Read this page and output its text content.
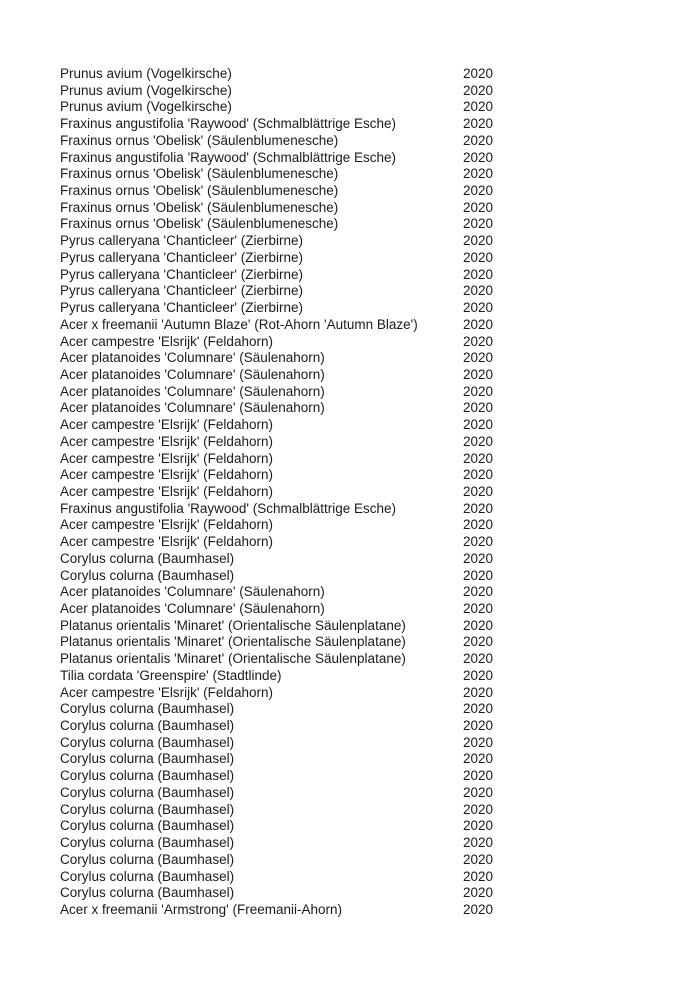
Prunus avium (Vogelkirsche)	2020
Prunus avium (Vogelkirsche)	2020
Prunus avium (Vogelkirsche)	2020
Fraxinus angustifolia 'Raywood' (Schmalblättrige Esche)	2020
Fraxinus ornus 'Obelisk' (Säulenblumenesche)	2020
Fraxinus angustifolia 'Raywood' (Schmalblättrige Esche)	2020
Fraxinus ornus 'Obelisk' (Säulenblumenesche)	2020
Fraxinus ornus 'Obelisk' (Säulenblumenesche)	2020
Fraxinus ornus 'Obelisk' (Säulenblumenesche)	2020
Fraxinus ornus 'Obelisk' (Säulenblumenesche)	2020
Pyrus calleryana 'Chanticleer' (Zierbirne)	2020
Pyrus calleryana 'Chanticleer' (Zierbirne)	2020
Pyrus calleryana 'Chanticleer' (Zierbirne)	2020
Pyrus calleryana 'Chanticleer' (Zierbirne)	2020
Pyrus calleryana 'Chanticleer' (Zierbirne)	2020
Acer x freemanii 'Autumn Blaze' (Rot-Ahorn 'Autumn Blaze')	2020
Acer campestre 'Elsrijk' (Feldahorn)	2020
Acer platanoides 'Columnare' (Säulenahorn)	2020
Acer platanoides 'Columnare' (Säulenahorn)	2020
Acer platanoides 'Columnare' (Säulenahorn)	2020
Acer platanoides 'Columnare' (Säulenahorn)	2020
Acer campestre 'Elsrijk' (Feldahorn)	2020
Acer campestre 'Elsrijk' (Feldahorn)	2020
Acer campestre 'Elsrijk' (Feldahorn)	2020
Acer campestre 'Elsrijk' (Feldahorn)	2020
Acer campestre 'Elsrijk' (Feldahorn)	2020
Fraxinus angustifolia 'Raywood' (Schmalblättrige Esche)	2020
Acer campestre 'Elsrijk' (Feldahorn)	2020
Acer campestre 'Elsrijk' (Feldahorn)	2020
Corylus colurna (Baumhasel)	2020
Corylus colurna (Baumhasel)	2020
Acer platanoides 'Columnare' (Säulenahorn)	2020
Acer platanoides 'Columnare' (Säulenahorn)	2020
Platanus orientalis 'Minaret' (Orientalische Säulenplatane)	2020
Platanus orientalis 'Minaret' (Orientalische Säulenplatane)	2020
Platanus orientalis 'Minaret' (Orientalische Säulenplatane)	2020
Tilia cordata 'Greenspire' (Stadtlinde)	2020
Acer campestre 'Elsrijk' (Feldahorn)	2020
Corylus colurna (Baumhasel)	2020
Corylus colurna (Baumhasel)	2020
Corylus colurna (Baumhasel)	2020
Corylus colurna (Baumhasel)	2020
Corylus colurna (Baumhasel)	2020
Corylus colurna (Baumhasel)	2020
Corylus colurna (Baumhasel)	2020
Corylus colurna (Baumhasel)	2020
Corylus colurna (Baumhasel)	2020
Corylus colurna (Baumhasel)	2020
Corylus colurna (Baumhasel)	2020
Corylus colurna (Baumhasel)	2020
Acer x freemanii 'Armstrong' (Freemanii-Ahorn)	2020
